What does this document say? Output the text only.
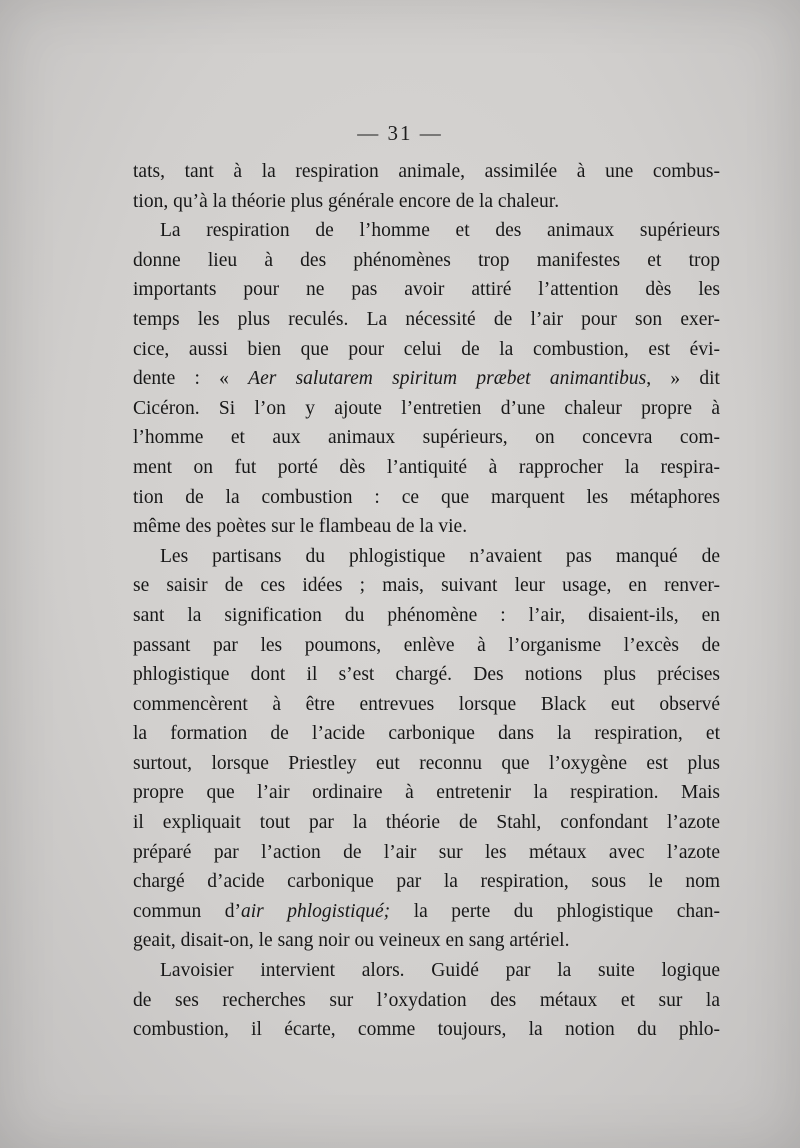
— 31 —
tats, tant à la respiration animale, assimilée à une combus-
tion, qu’à la théorie plus générale encore de la chaleur.
La respiration de l’homme et des animaux supérieurs
donne lieu à des phénomènes trop manifestes et trop
importants pour ne pas avoir attiré l’attention dès les
temps les plus reculés. La nécessité de l’air pour son exer-
cice, aussi bien que pour celui de la combustion, est évi-
dente : « Aer salutarem spiritum præbet animantibus, » dit
Cicéron. Si l’on y ajoute l’entretien d’une chaleur propre à
l’homme et aux animaux supérieurs, on concevra com-
ment on fut porté dès l’antiquité à rapprocher la respira-
tion de la combustion : ce que marquent les métaphores
même des poètes sur le flambeau de la vie.
Les partisans du phlogistique n’avaient pas manqué de
se saisir de ces idées ; mais, suivant leur usage, en renver-
sant la signification du phénomène : l’air, disaient-ils, en
passant par les poumons, enlève à l’organisme l’excès de
phlogistique dont il s’est chargé. Des notions plus précises
commencèrent à être entrevues lorsque Black eut observé
la formation de l’acide carbonique dans la respiration, et
surtout, lorsque Priestley eut reconnu que l’oxygène est plus
propre que l’air ordinaire à entretenir la respiration. Mais
il expliquait tout par la théorie de Stahl, confondant l’azote
préparé par l’action de l’air sur les métaux avec l’azote
chargé d’acide carbonique par la respiration, sous le nom
commun d’air phlogistiqué; la perte du phlogistique chan-
geait, disait-on, le sang noir ou veineux en sang artériel.
Lavoisier intervient alors. Guidé par la suite logique
de ses recherches sur l’oxydation des métaux et sur la
combustion, il écarte, comme toujours, la notion du phlo-
